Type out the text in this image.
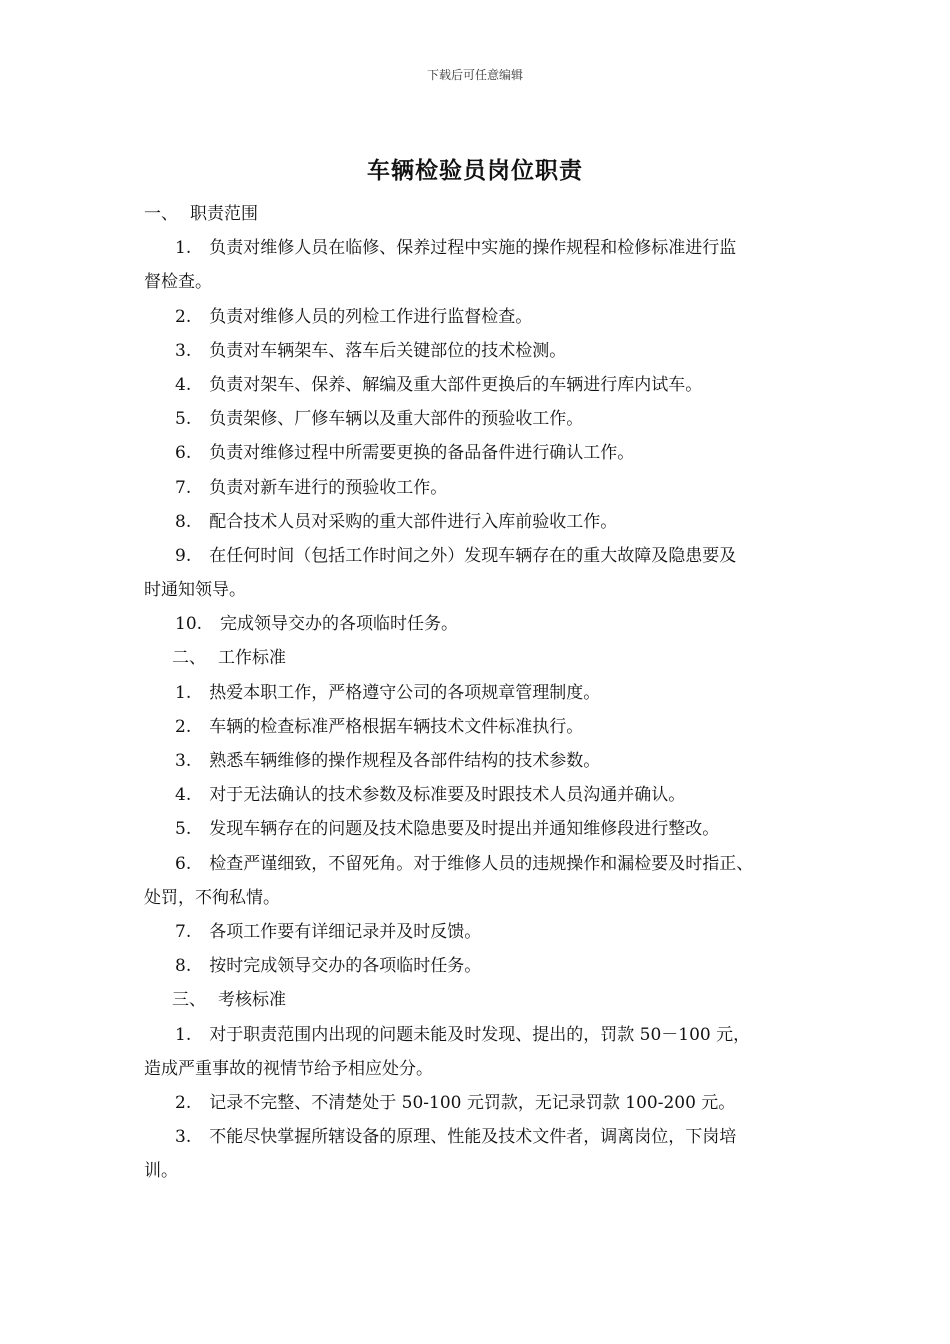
下载后可任意编辑
车辆检验员岗位职责
一、 职责范围
1. 负责对维修人员在临修、保养过程中实施的操作规程和检修标准进行监
督检查。
2. 负责对维修人员的列检工作进行监督检查。
3. 负责对车辆架车、落车后关键部位的技术检测。
4. 负责对架车、保养、解编及重大部件更换后的车辆进行库内试车。
5. 负责架修、厂修车辆以及重大部件的预验收工作。
6. 负责对维修过程中所需要更换的备品备件进行确认工作。
7. 负责对新车进行的预验收工作。
8. 配合技术人员对采购的重大部件进行入库前验收工作。
9. 在任何时间（包括工作时间之外）发现车辆存在的重大故障及隐患要及
时通知领导。
10. 完成领导交办的各项临时任务。
二、 工作标准
1. 热爱本职工作，严格遵守公司的各项规章管理制度。
2. 车辆的检查标准严格根据车辆技术文件标准执行。
3. 熟悉车辆维修的操作规程及各部件结构的技术参数。
4. 对于无法确认的技术参数及标准要及时跟技术人员沟通并确认。
5. 发现车辆存在的问题及技术隐患要及时提出并通知维修段进行整改。
6. 检查严谨细致，不留死角。对于维修人员的违规操作和漏检要及时指正、
处罚，不徇私情。
7. 各项工作要有详细记录并及时反馈。
8. 按时完成领导交办的各项临时任务。
三、 考核标准
1. 对于职责范围内出现的问题未能及时发现、提出的，罚款 50－100 元，
造成严重事故的视情节给予相应处分。
2. 记录不完整、不清楚处于 50-100 元罚款，无记录罚款 100-200 元。
3. 不能尽快掌握所辖设备的原理、性能及技术文件者，调离岗位，下岗培
训。
